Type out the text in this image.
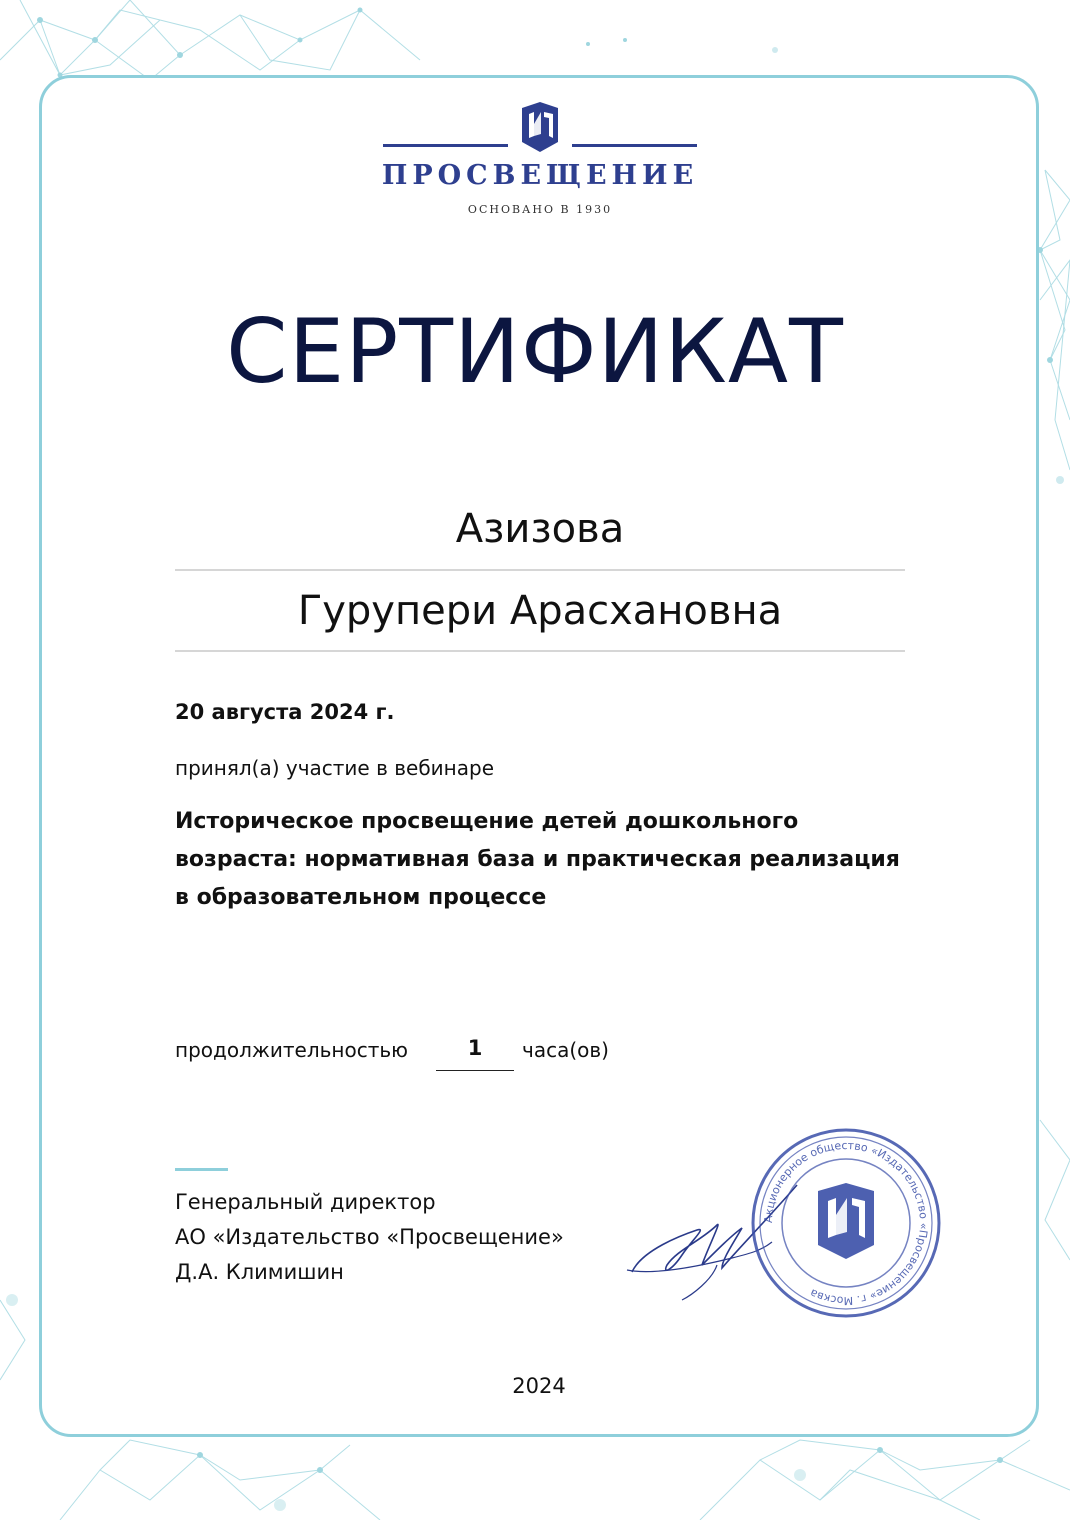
ПРОСВЕЩЕНИЕ
ОСНОВАНО В 1930
СЕРТИФИКАТ
Азизова
Гурупери Арасхановна
20 августа 2024 г.
принял(а) участие в вебинаре
Историческое просвещение детей дошкольного возраста: нормативная база и практическая реализация в образовательном процессе
продолжительностью	1	часа(ов)
Генеральный директор
АО «Издательство «Просвещение»
Д.А. Климишин
Акционерное общество «Издательство «Просвещение» г. Москва
2024
